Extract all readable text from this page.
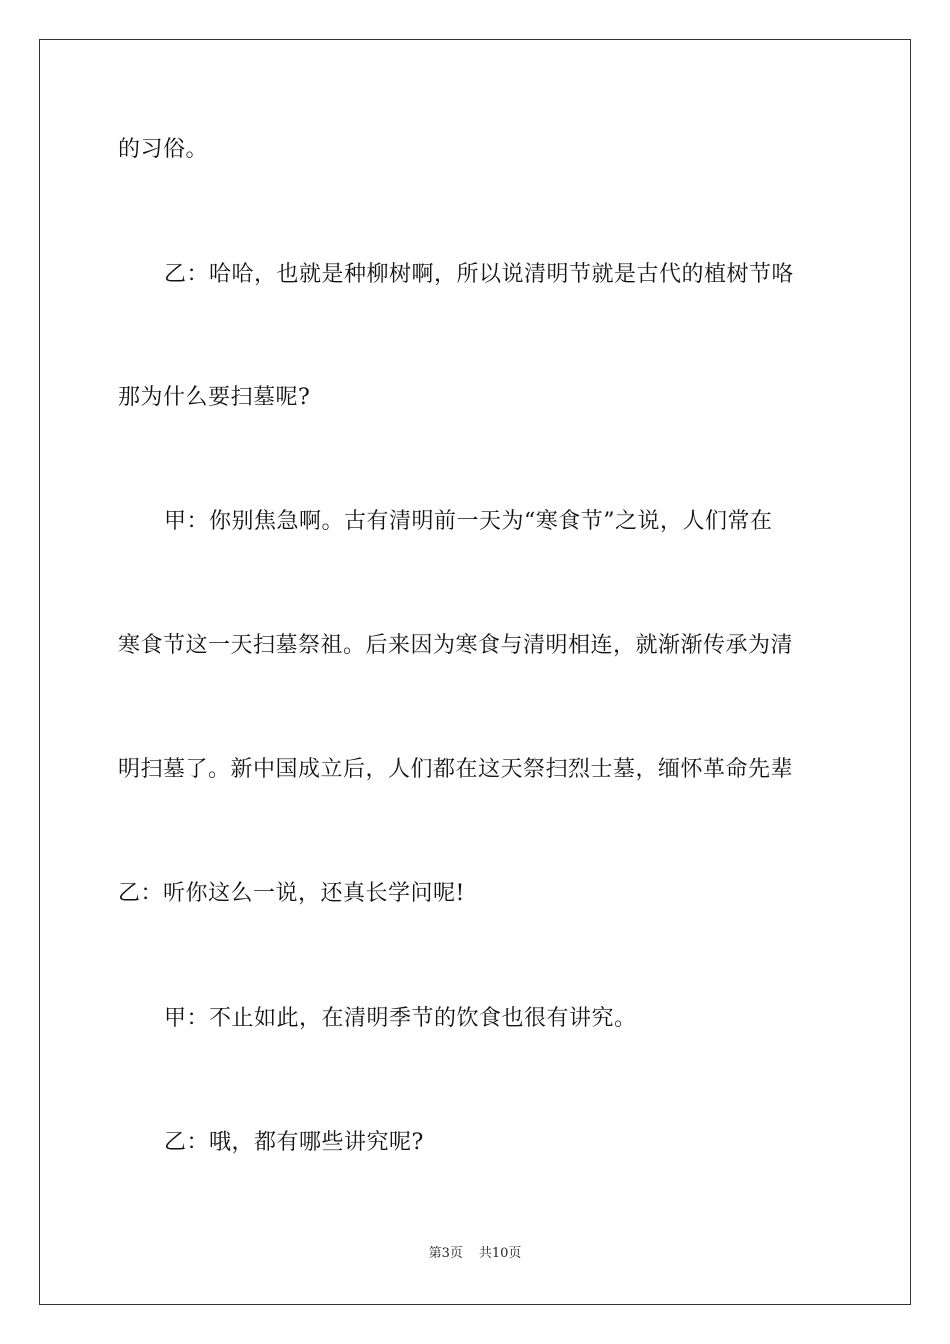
的习俗。
乙：哈哈，也就是种柳树啊，所以说清明节就是古代的植树节咯
那为什么要扫墓呢?
甲：你别焦急啊。古有清明前一天为“寒食节”之说，人们常在
寒食节这一天扫墓祭祖。后来因为寒食与清明相连，就渐渐传承为清
明扫墓了。新中国成立后，人们都在这天祭扫烈士墓，缅怀革命先辈
乙：听你这么一说，还真长学问呢!
甲：不止如此，在清明季节的饮食也很有讲究。
乙：哦，都有哪些讲究呢?
第3页 共10页
